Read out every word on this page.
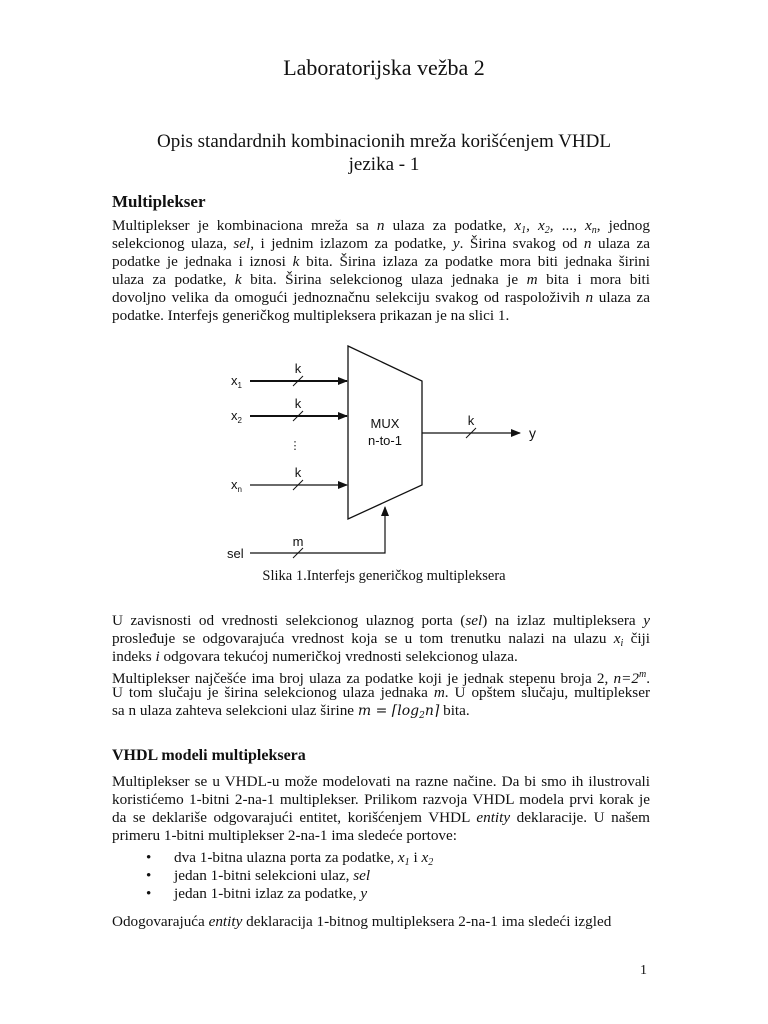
Laboratorijska vežba 2
Opis standardnih kombinacionih mreža korišćenjem VHDL
jezika - 1
Multiplekser
Multiplekser je kombinaciona mreža sa n ulaza za podatke, $x_1$, $x_2$, ..., $x_n$, jednog
selekcionog ulaza, sel, i jednim izlazom za podatke, y. Širina svakog od n ulaza za
podatke je jednaka i iznosi k bita. Širina izlaza za podatke mora biti jednaka širini
ulaza za podatke, k bita. Širina selekcionog ulaza jednaka je m bita i mora biti
dovoljno velika da omogući jednoznačnu selekciju svakog od raspoloživih n ulaza za
podatke. Interfejs generičkog multipleksera prikazan je na slici 1.
MUX
n-to-1
k
$x_1$
k
$x_2$
⋮
k
$x_n$
k
y
m
sel
Slika 1.Interfejs generičkog multipleksera
U zavisnosti od vrednosti selekcionog ulaznog porta (sel) na izlaz multipleksera y
prosleđuje se odgovarajuća vrednost koja se u tom trenutku nalazi na ulazu $x_i$ čiji
indeks i odgovara tekućoj numeričkoj vrednosti selekcionog ulaza.
Multiplekser najčešće ima broj ulaza za podatke koji je jednak stepenu broja 2, $n=2^m$.
U tom slučaju je širina selekcionog ulaza jednaka m. U opštem slučaju, multiplekser
sa n ulaza zahteva selekcioni ulaz širine m = ⌈log2n⌉ bita.
VHDL modeli multipleksera
Multiplekser se u VHDL-u može modelovati na razne načine. Da bi smo ih ilustrovali
koristićemo 1-bitni 2-na-1 multiplekser. Prilikom razvoja VHDL modela prvi korak je
da se deklariše odgovarajući entitet, korišćenjem VHDL entity deklaracije. U našem
primeru 1-bitni multiplekser 2-na-1 ima sledeće portove:
• dva 1-bitna ulazna porta za podatke, $x_1$ i $x_2$
• jedan 1-bitni selekcioni ulaz, sel
• jedan 1-bitni izlaz za podatke, y
Odogovarajuća entity deklaracija 1-bitnog multipleksera 2-na-1 ima sledeći izgled
1
